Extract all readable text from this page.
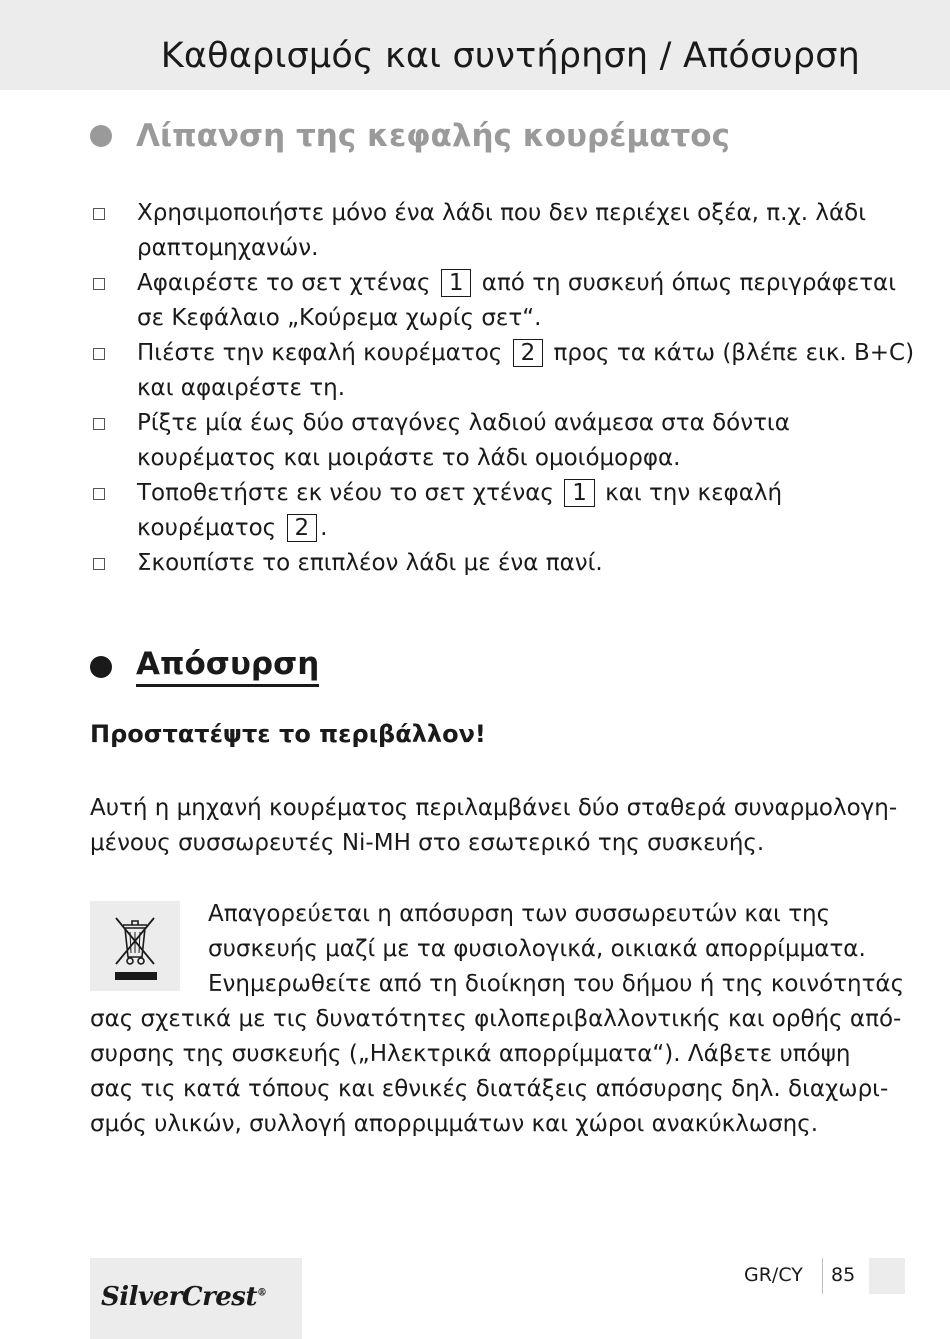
Καθαρισμός και συντήρηση / Απόσυρση
Λίπανση της κεφαλής κουρέματος
Χρησιμοποιήστε μόνο ένα λάδι που δεν περιέχει οξέα, π.χ. λάδι
ραπτομηχανών.
Αφαιρέστε το σετ χτένας 1 από τη συσκευή όπως περιγράφεται
σε Κεφάλαιο „Κούρεμα χωρίς σετ“.
Πιέστε την κεφαλή κουρέματος 2 προς τα κάτω (βλέπε εικ. B+C)
και αφαιρέστε τη.
Ρίξτε μία έως δύο σταγόνες λαδιού ανάμεσα στα δόντια
κουρέματος και μοιράστε το λάδι ομοιόμορφα.
Τοποθετήστε εκ νέου το σετ χτένας 1 και την κεφαλή
κουρέματος 2 .
Σκουπίστε το επιπλέον λάδι με ένα πανί.
Απόσυρση
Προστατέψτε το περιβάλλον!
Αυτή η μηχανή κουρέματος περιλαμβάνει δύο σταθερά συναρμολογη-
μένους συσσωρευτές Ni-MH στο εσωτερικό της συσκευής.
Απαγορεύεται η απόσυρση των συσσωρευτών και της
συσκευής μαζί με τα φυσιολογικά, οικιακά απορρίμματα.
Ενημερωθείτε από τη διοίκηση του δήμου ή της κοινότητάς
σας σχετικά με τις δυνατότητες φιλοπεριβαλλοντικής και ορθής από-
συρσης της συσκευής („Ηλεκτρικά απορρίμματα“). Λάβετε υπόψη
σας τις κατά τόπους και εθνικές διατάξεις απόσυρσης δηλ. διαχωρι-
σμός υλικών, συλλογή απορριμμάτων και χώροι ανακύκλωσης.
SilverCrest®
GR/CY 85
